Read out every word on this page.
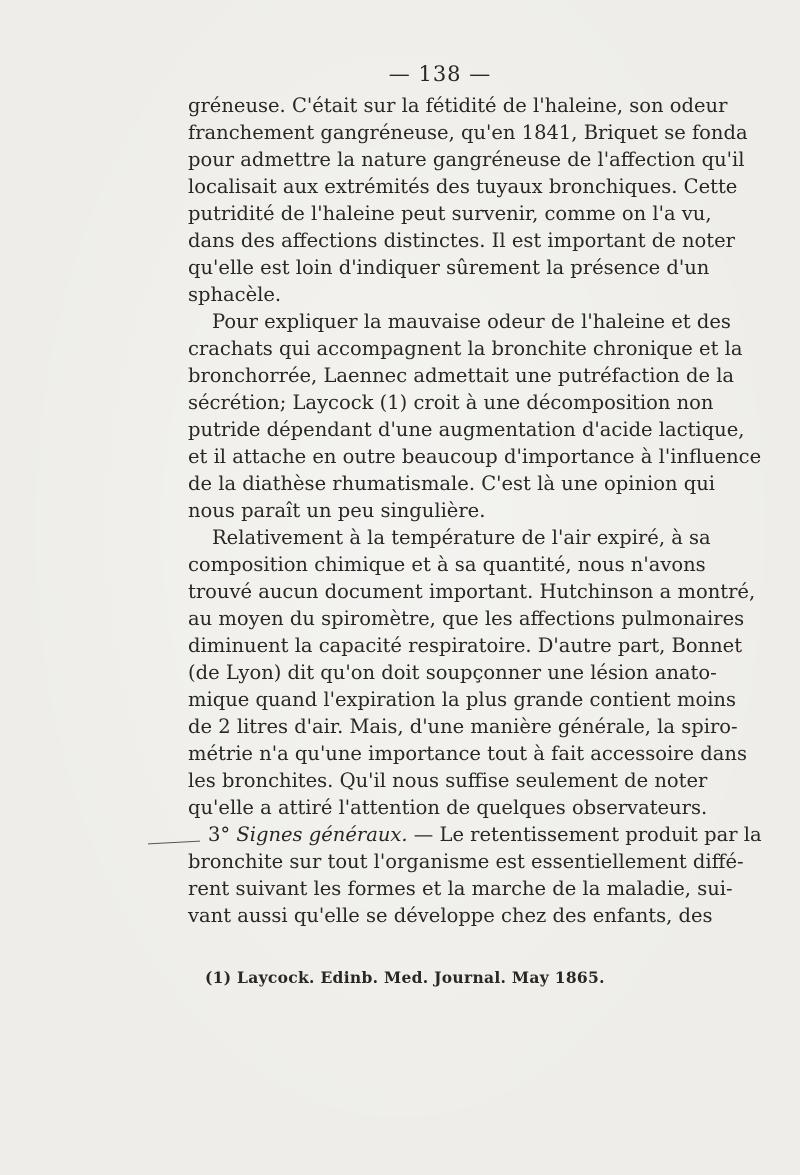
— 138 —
gréneuse. C'était sur la fétidité de l'haleine, son odeur
franchement gangréneuse, qu'en 1841, Briquet se fonda
pour admettre la nature gangréneuse de l'affection qu'il
localisait aux extrémités des tuyaux bronchiques. Cette
putridité de l'haleine peut survenir, comme on l'a vu,
dans des affections distinctes. Il est important de noter
qu'elle est loin d'indiquer sûrement la présence d'un
sphacèle.
Pour expliquer la mauvaise odeur de l'haleine et des
crachats qui accompagnent la bronchite chronique et la
bronchorrée, Laennec admettait une putréfaction de la
sécrétion; Laycock (1) croit à une décomposition non
putride dépendant d'une augmentation d'acide lactique,
et il attache en outre beaucoup d'importance à l'influence
de la diathèse rhumatismale. C'est là une opinion qui
nous paraît un peu singulière.
Relativement à la température de l'air expiré, à sa
composition chimique et à sa quantité, nous n'avons
trouvé aucun document important. Hutchinson a montré,
au moyen du spiromètre, que les affections pulmonaires
diminuent la capacité respiratoire. D'autre part, Bonnet
(de Lyon) dit qu'on doit soupçonner une lésion anato-
mique quand l'expiration la plus grande contient moins
de 2 litres d'air. Mais, d'une manière générale, la spiro-
métrie n'a qu'une importance tout à fait accessoire dans
les bronchites. Qu'il nous suffise seulement de noter
qu'elle a attiré l'attention de quelques observateurs.
3° Signes généraux. — Le retentissement produit par la
bronchite sur tout l'organisme est essentiellement diffé-
rent suivant les formes et la marche de la maladie, sui-
vant aussi qu'elle se développe chez des enfants, des
(1) Laycock. Edinb. Med. Journal. May 1865.
